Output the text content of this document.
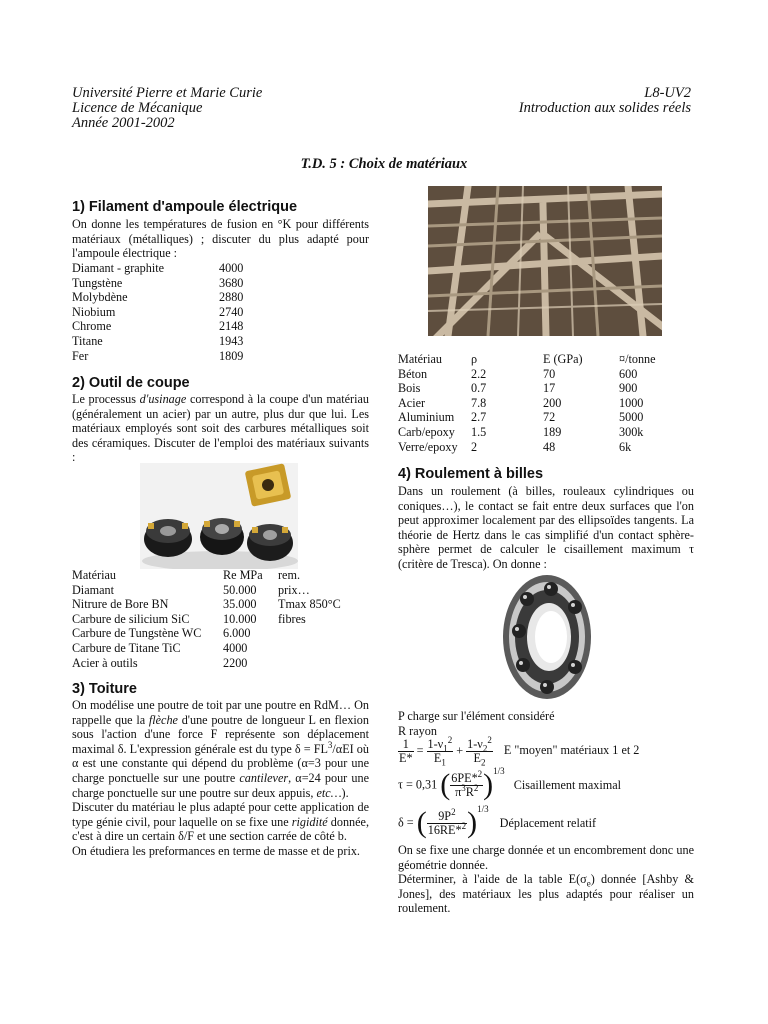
Université Pierre et Marie Curie
Licence de Mécanique
Année 2001-2002
L8-UV2
Introduction aux solides réels
T.D. 5 : Choix de matériaux
1) Filament d'ampoule électrique
On donne les températures de fusion en °K pour différents matériaux (métalliques) ; discuter du plus adapté pour l'ampoule électrique :
Diamant - graphite	4000
Tungstène	3680
Molybdène	2880
Niobium	2740
Chrome	2148
Titane	1943
Fer	1809
2) Outil de coupe
Le processus d'usinage correspond à la coupe d'un matériau (généralement un acier) par un autre, plus dur que lui. Les matériaux employés sont soit des carbures métalliques soit des céramiques. Discuter de l'emploi des matériaux suivants :
Matériau	Re MPa	rem.
Diamant	50.000	prix…
Nitrure de Bore BN	35.000	Tmax 850°C
Carbure de silicium SiC	10.000	fibres
Carbure de Tungstène WC	6.000
Carbure de Titane TiC	4000
Acier à outils	2200
3) Toiture
On modélise une poutre de toit par une poutre en RdM… On rappelle que la flèche d'une poutre de longueur L en flexion sous l'action d'une force F représente son déplacement maximal δ. L'expression générale est du type $\delta = FL^3$/αEI où α est une constante qui dépend du problème (α=3 pour une charge ponctuelle sur une poutre cantilever, α=24 pour une charge ponctuelle sur une poutre sur deux appuis, etc…).
Discuter du matériau le plus adapté pour cette application de type génie civil, pour laquelle on se fixe une rigidité donnée, c'est à dire un certain δ/F et une section carrée de côté b.
On étudiera les preformances en terme de masse et de prix.
Matériau	ρ	E (GPa)	¤/tonne
Béton	2.2	70	600
Bois	0.7	17	900
Acier	7.8	200	1000
Aluminium	2.7	72	5000
Carb/epoxy	1.5	189	300k
Verre/epoxy	2	48	6k
4) Roulement à billes
Dans un roulement (à billes, rouleaux cylindriques ou coniques…), le contact se fait entre deux surfaces que l'on peut approximer localement par des ellipsoïdes tangents. La théorie de Hertz dans le cas simplifié d'un contact sphère-sphère permet de calculer le cisaillement maximum τ (critère de Tresca). On donne :
P charge sur l'élément considéré
R rayon
$\frac{1}{E*} = \frac{1-\nu_1^2}{E_1} + \frac{1-\nu_2^2}{E_2}$ E "moyen" matériaux 1 et 2
τ = 0,31 ( $\frac{6PE*^2}{\pi^3R^2} )^{1/3}$ Cisaillement maximal
δ = ( $\frac{9P^2}{16RE*^2} )^{1/3}$ Déplacement relatif
On se fixe une charge donnée et un encombrement donc une géométrie donnée.
Déterminer, à l'aide de la table $E(\sigma_e)$ donnée [Ashby & Jones], des matériaux les plus adaptés pour réaliser un roulement.
